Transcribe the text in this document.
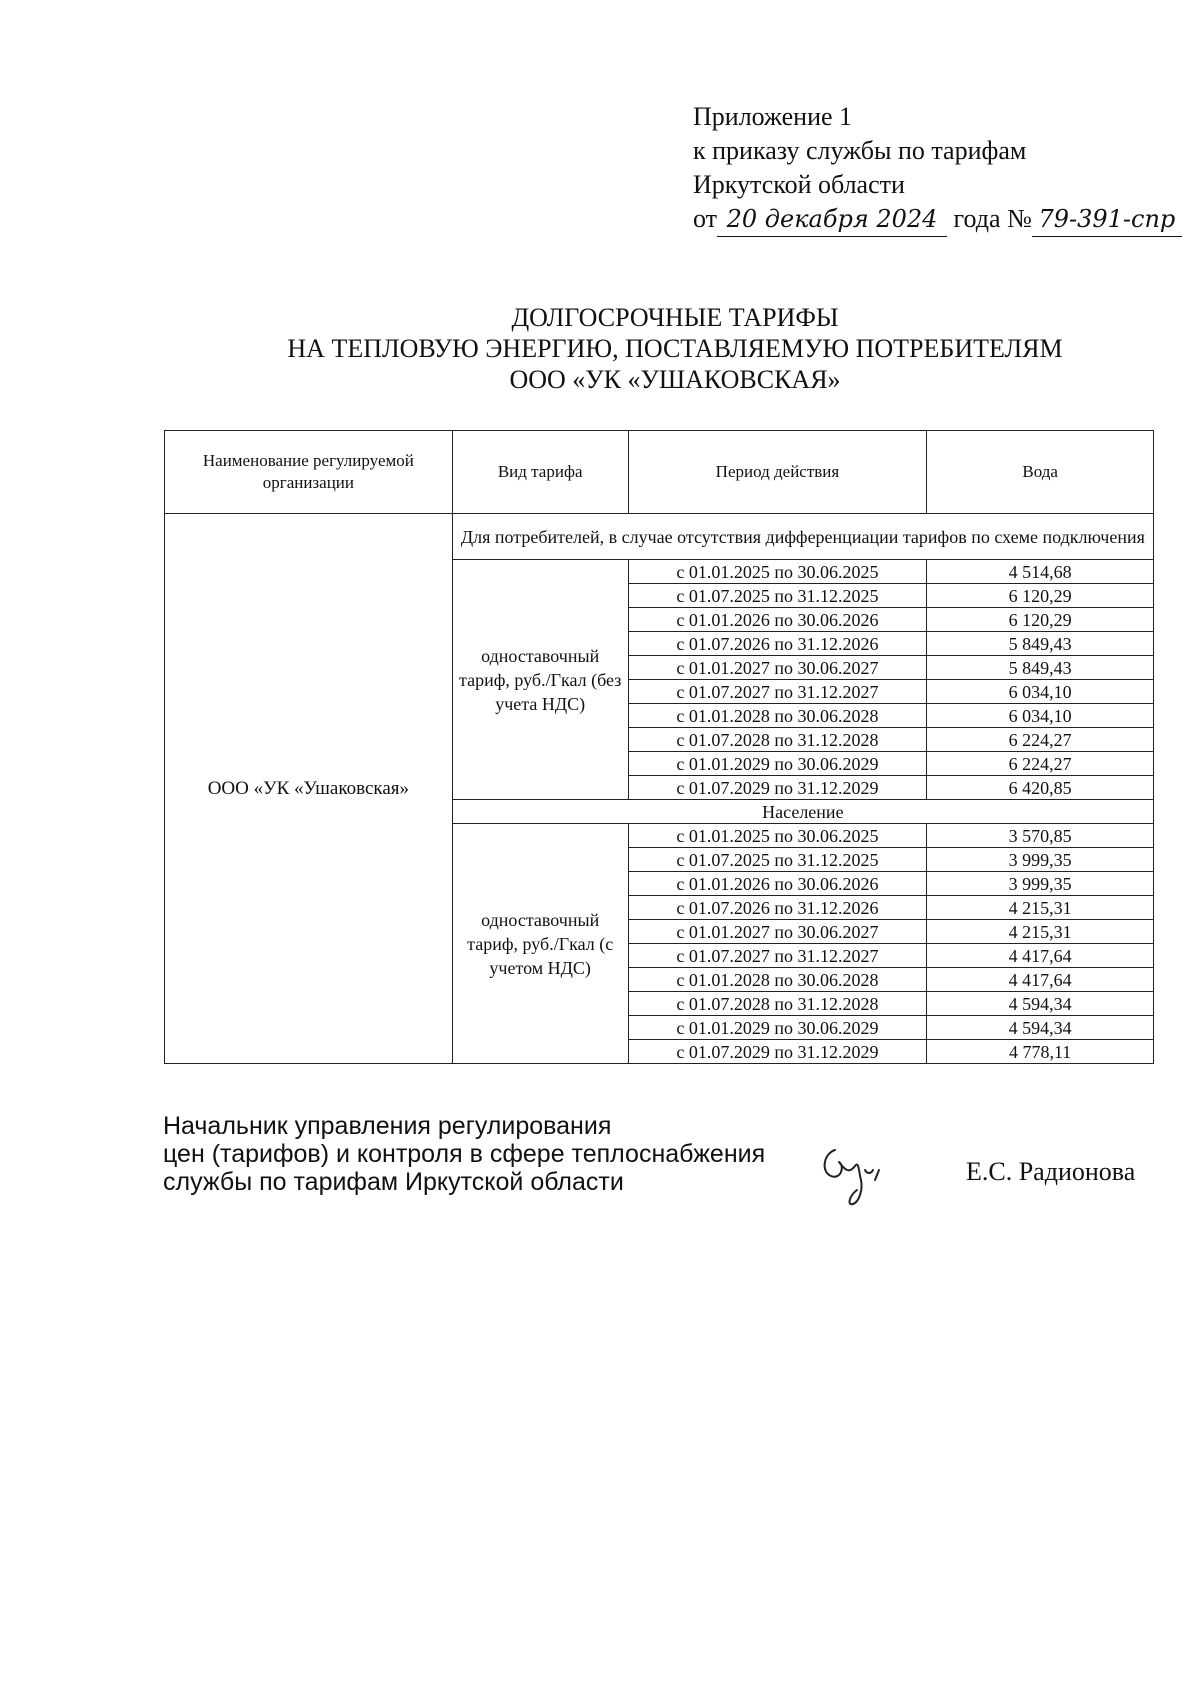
Приложение 1
к приказу службы по тарифам
Иркутской области
от 20 декабря 2024 года № 79-391-спр
ДОЛГОСРОЧНЫЕ ТАРИФЫ
НА ТЕПЛОВУЮ ЭНЕРГИЮ, ПОСТАВЛЯЕМУЮ ПОТРЕБИТЕЛЯМ
ООО «УК «УШАКОВСКАЯ»
Наименование регулируемой организации	Вид тарифа	Период действия	Вода
ООО «УК «Ушаковская»	Для потребителей, в случае отсутствия дифференциации тарифов по схеме подключения		
	одноставочный тариф, руб./Гкал (без учета НДС)	с 01.01.2025 по 30.06.2025	4 514,68
		с 01.07.2025 по 31.12.2025	6 120,29
		с 01.01.2026 по 30.06.2026	6 120,29
		с 01.07.2026 по 31.12.2026	5 849,43
		с 01.01.2027 по 30.06.2027	5 849,43
		с 01.07.2027 по 31.12.2027	6 034,10
		с 01.01.2028 по 30.06.2028	6 034,10
		с 01.07.2028 по 31.12.2028	6 224,27
		с 01.01.2029 по 30.06.2029	6 224,27
		с 01.07.2029 по 31.12.2029	6 420,85
	Население		
	одноставочный тариф, руб./Гкал (с учетом НДС)	с 01.01.2025 по 30.06.2025	3 570,85
		с 01.07.2025 по 31.12.2025	3 999,35
		с 01.01.2026 по 30.06.2026	3 999,35
		с 01.07.2026 по 31.12.2026	4 215,31
		с 01.01.2027 по 30.06.2027	4 215,31
		с 01.07.2027 по 31.12.2027	4 417,64
		с 01.01.2028 по 30.06.2028	4 417,64
		с 01.07.2028 по 31.12.2028	4 594,34
		с 01.01.2029 по 30.06.2029	4 594,34
		с 01.07.2029 по 31.12.2029	4 778,11
Начальник управления регулирования
цен (тарифов) и контроля в сфере теплоснабжения
службы по тарифам Иркутской области	Е.С. Радионова
